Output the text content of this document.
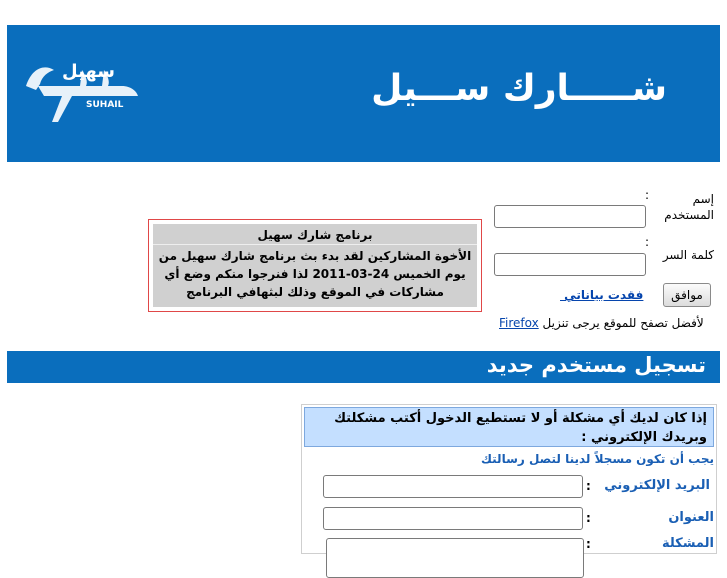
سهيل
SUHAIL	شـــــارك ســـيل
:	إسم
المستخدم
:
كلمة السر
موافق
فقدت بياناتي
Firefox لأفضل تصفح للموقع يرجى تنزيل
برنامج شارك سهيل
الأخوة المشاركين لقد بدء بث برنامج شارك سهيل من يوم الخميس 24-03-2011 لذا فنرجوا منكم وضع أي مشاركات في الموقع وذلك لبثهافي البرنامج
تسجيل مستخدم جديد
إذا كان لديك أي مشكلة أو لا تستطيع الدخول أكتب مشكلتك وبريدك الإلكتروني :
يجب أن تكون مسجلاً لدينا لتصل رسالتك
البريد الإلكتروني
:
العنوان
:
المشكلة
:
